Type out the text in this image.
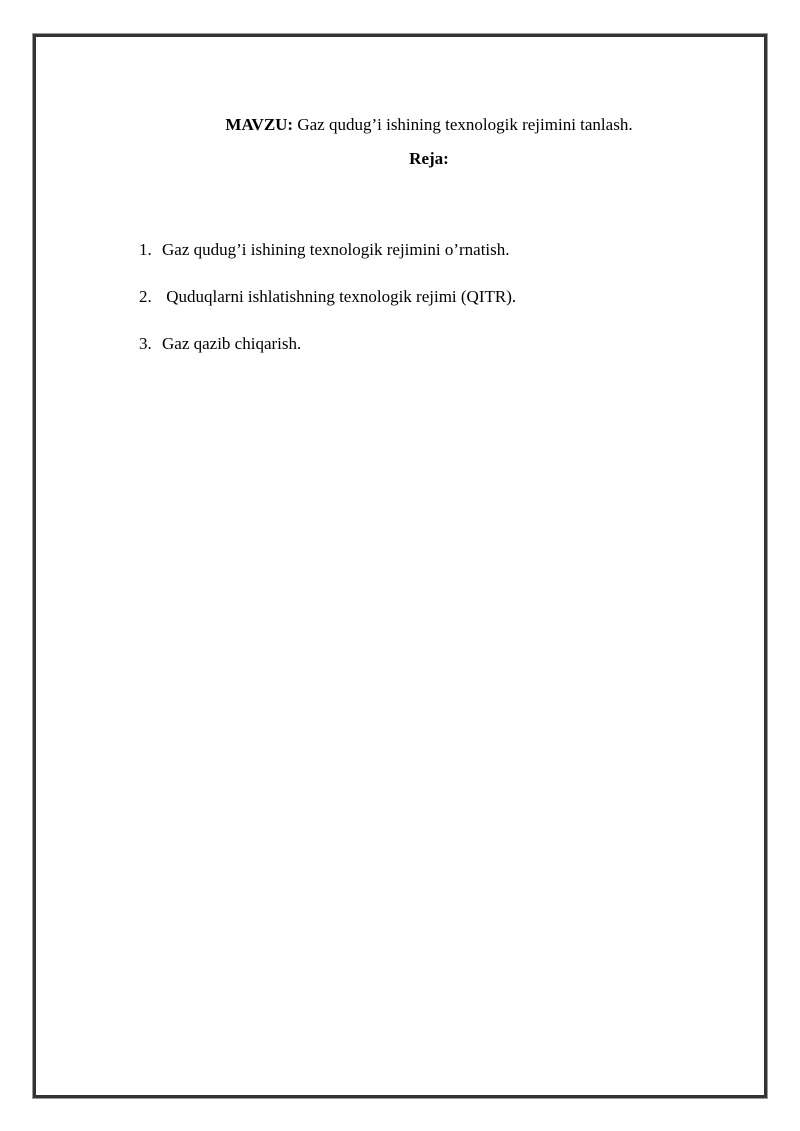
MAVZU: Gaz qudug’i ishining texnologik rejimini tanlash.
Reja:
1. Gaz qudug’i ishining texnologik rejimini o’rnatish.
2. Quduqlarni ishlatishning texnologik rejimi (QITR).
3. Gaz qazib chiqarish.
